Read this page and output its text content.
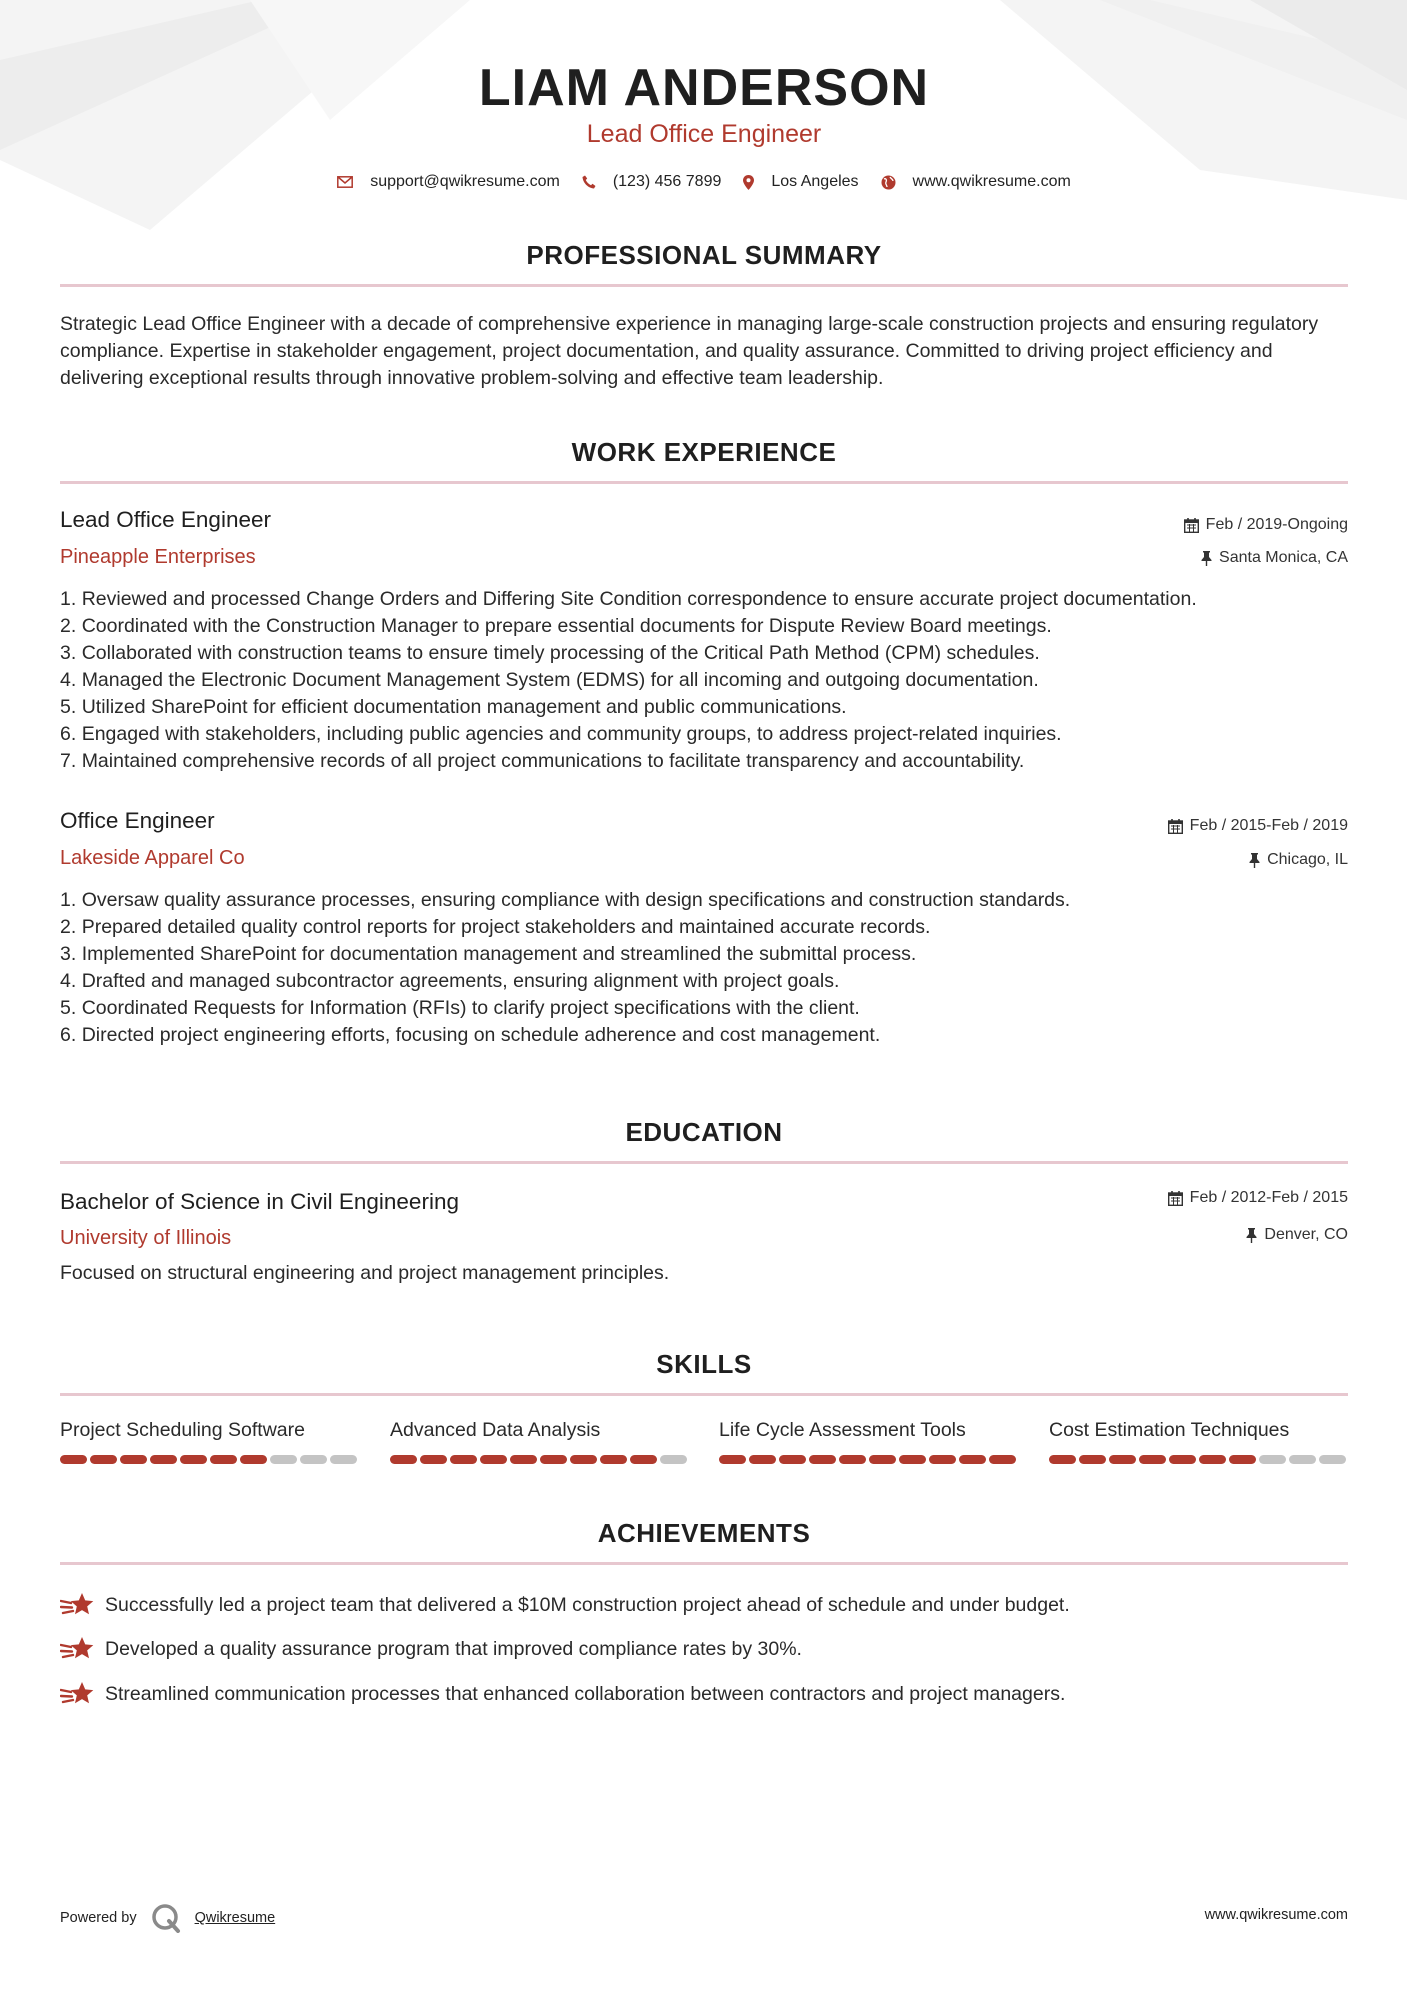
LIAM ANDERSON
Lead Office Engineer
support@qwikresume.com	(123) 456 7899	Los Angeles	www.qwikresume.com
PROFESSIONAL SUMMARY
Strategic Lead Office Engineer with a decade of comprehensive experience in managing large-scale construction projects and ensuring regulatory compliance. Expertise in stakeholder engagement, project documentation, and quality assurance. Committed to driving project efficiency and delivering exceptional results through innovative problem-solving and effective team leadership.
WORK EXPERIENCE
Lead Office Engineer
Pineapple Enterprises
Feb / 2019-Ongoing
Santa Monica, CA
1. Reviewed and processed Change Orders and Differing Site Condition correspondence to ensure accurate project documentation.
2. Coordinated with the Construction Manager to prepare essential documents for Dispute Review Board meetings.
3. Collaborated with construction teams to ensure timely processing of the Critical Path Method (CPM) schedules.
4. Managed the Electronic Document Management System (EDMS) for all incoming and outgoing documentation.
5. Utilized SharePoint for efficient documentation management and public communications.
6. Engaged with stakeholders, including public agencies and community groups, to address project-related inquiries.
7. Maintained comprehensive records of all project communications to facilitate transparency and accountability.
Office Engineer
Lakeside Apparel Co
Feb / 2015-Feb / 2019
Chicago, IL
1. Oversaw quality assurance processes, ensuring compliance with design specifications and construction standards.
2. Prepared detailed quality control reports for project stakeholders and maintained accurate records.
3. Implemented SharePoint for documentation management and streamlined the submittal process.
4. Drafted and managed subcontractor agreements, ensuring alignment with project goals.
5. Coordinated Requests for Information (RFIs) to clarify project specifications with the client.
6. Directed project engineering efforts, focusing on schedule adherence and cost management.
EDUCATION
Bachelor of Science in Civil Engineering
University of Illinois
Feb / 2012-Feb / 2015
Denver, CO
Focused on structural engineering and project management principles.
SKILLS
Project Scheduling Software	Advanced Data Analysis	Life Cycle Assessment Tools	Cost Estimation Techniques
ACHIEVEMENTS
Successfully led a project team that delivered a $10M construction project ahead of schedule and under budget.
Developed a quality assurance program that improved compliance rates by 30%.
Streamlined communication processes that enhanced collaboration between contractors and project managers.
Powered by	Qwikresume	www.qwikresume.com
